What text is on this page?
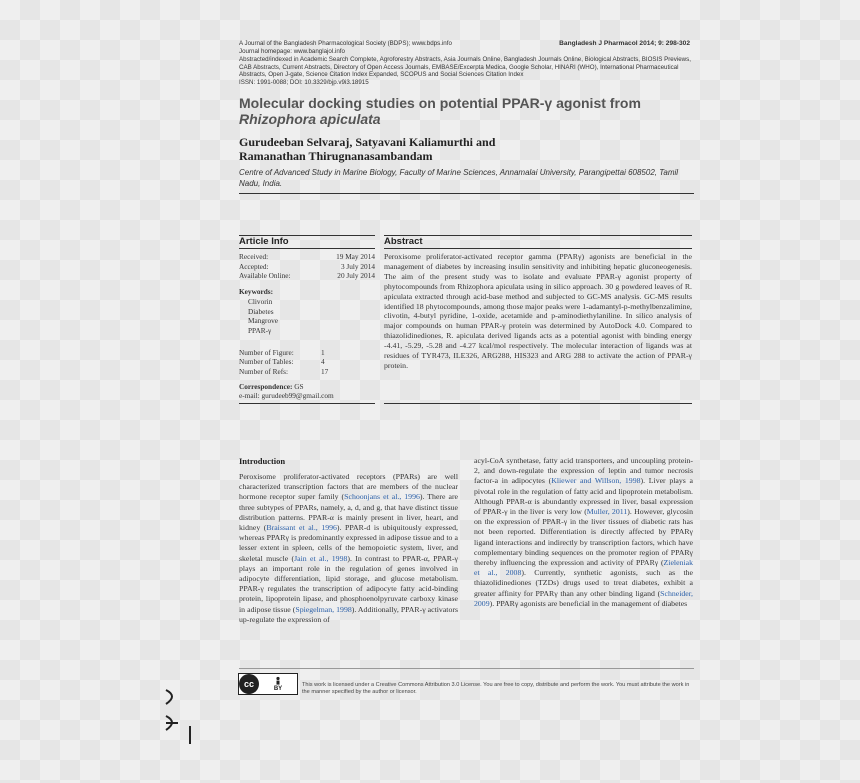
A Journal of the Bangladesh Pharmacological Society (BDPS); www.bdps.info
Journal homepage: www.banglajol.info
Bangladesh J Pharmacol 2014; 9: 298-302
Abstracted/indexed in Academic Search Complete, Agroforestry Abstracts, Asia Journals Online, Bangladesh Journals Online, Biological Abstracts, BIOSIS Previews, CAB Abstracts, Current Abstracts, Directory of Open Access Journals, EMBASE/Excerpta Medica, Google Scholar, HINARI (WHO), International Pharmaceutical Abstracts, Open J-gate, Science Citation Index Expanded, SCOPUS and Social Sciences Citation Index
ISSN: 1991-0088; DOI: 10.3329/bjp.v9i3.18915
Molecular docking studies on potential PPAR-γ agonist from
Rhizophora apiculata
Gurudeeban Selvaraj, Satyavani Kaliamurthi and
Ramanathan Thirugnanasambandam
Centre of Advanced Study in Marine Biology, Faculty of Marine Sciences, Annamalai University, Parangipettai 608502, Tamil Nadu, India.
Article Info
Received:	19 May 2014
Accepted:	3 July 2014
Available Online:	20 July 2014
Keywords:
Clivorin
Diabetes
Mangrove
PPAR-γ
Number of Figure:	1
Number of Tables:	4
Number of Refs:	17
Correspondence: GS
e-mail: gurudeeb99@gmail.com
Abstract
Peroxisome proliferator-activated receptor gamma (PPARγ) agonists are beneficial in the management of diabetes by increasing insulin sensitivity and inhibiting hepatic gluconeogenesis. The aim of the present study was to isolate and evaluate PPAR-γ agonist property of phytocompounds from Rhizophora apiculata using in silico approach. 30 g powdered leaves of R. apiculata extracted through acid-base method and subjected to GC-MS analysis. GC-MS results identified 18 phytocompounds, among those major peaks were 1-adamantyl-p-methylbenzalimine, clivotin, 4-butyl pyridine, 1-oxide, acetamide and p-aminodiethylaniline. In silico analysis of major compounds on human PPAR-γ protein was determined by AutoDock 4.0. Compared to thiazolidinediones, R. apiculata derived ligands acts as a potential agonist with binding energy -4.41, -5.29, -5.28 and -4.27 kcal/mol respectively. The molecular interaction of ligands was at residues of TYR473, ILE326, ARG288, HIS323 and ARG 288 to activate the action of PPAR-γ protein.
Introduction
Peroxisome proliferator-activated receptors (PPARs) are well characterized transcription factors that are members of the nuclear hormone receptor super family (Schoonjans et al., 1996). There are three subtypes of PPARs, namely, a, d, and g, that have distinct tissue distribution patterns. PPAR-α is mainly present in liver, heart, and kidney (Braissant et al., 1996). PPAR-d is ubiquitously expressed, whereas PPARγ is predominantly expressed in adipose tissue and to a lesser extent in spleen, cells of the hemopoietic system, liver, and skeletal muscle (Jain et al., 1998). In contrast to PPAR-α, PPAR-γ plays an important role in the regulation of genes involved in adipocyte differentiation, lipid storage, and glucose metabolism. PPAR-γ regulates the transcription of adipocyte fatty acid-binding protein, lipoprotein lipase, and phosphoenolpyruvate carboxy kinase in adipose tissue (Spiegelman, 1998). Additionally, PPAR-γ activators up-regulate the expression of
acyl-CoA synthetase, fatty acid transporters, and uncoupling protein-2, and down-regulate the expression of leptin and tumor necrosis factor-a in adipocytes (Kliewer and Willson, 1998). Liver plays a pivotal role in the regulation of fatty acid and lipoprotein metabolism. Although PPAR-α is abundantly expressed in liver, basal expression of PPAR-γ in the liver is very low (Muller, 2011). However, glycosin on the expression of PPAR-γ in the liver tissues of diabetic rats has not been reported. Differentiation is directly affected by PPARγ ligand interactions and indirectly by transcription factors, which have complementary binding sequences on the promoter region of PPARγ thereby influencing the expression and activity of PPARγ (Zieleniak et al., 2008). Currently, synthetic agonists, such as the thiazolidinediones (TZDs) drugs used to treat diabetes, exhibit a greater affinity for PPARγ than any other binding ligand (Schneider, 2009). PPARγ agonists are beneficial in the management of diabetes
cc	BY
This work is licensed under a Creative Commons Attribution 3.0 License. You are free to copy, distribute and perform the work. You must attribute the work in the manner specified by the author or licensor.
